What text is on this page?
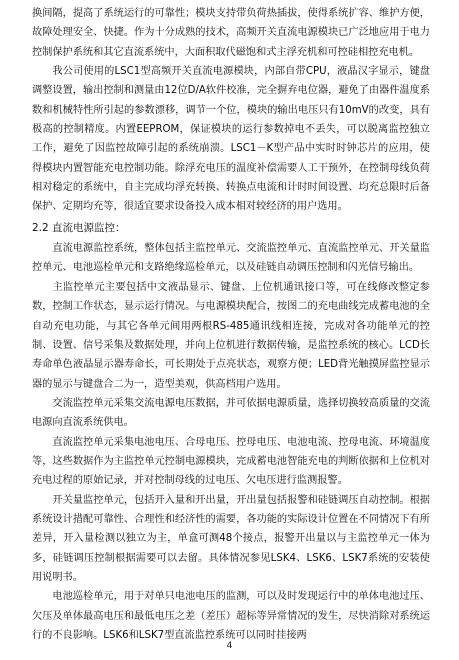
换间隔，提高了系统运行的可靠性；模块支持带负荷热插拔，使得系统扩容、维护方便，故障处理安全、快捷。作为十分成熟的技术，高频开关直流电源模块已广泛地应用于电力控制保护系统和其它直流系统中，大面积取代磁饱和式主浮充机和可控硅相控充电机。

我公司使用的LSC1型高频开关直流电源模块，内部自带CPU，液晶汉字显示，键盘调整设置，输出控制和测量由12位D/A软件校准，完全摒弃电位器，避免了由器件温度系数和机械特性所引起的参数漂移，调节一个位，模块的输出电压只有10mV的改变，具有极高的控制精度。内置EEPROM，保证模块的运行参数掉电不丢失，可以脱离监控独立工作，避免了因监控故障引起的系统崩溃。LSC1－K型产品中实时时钟芯片的应用，使得模块内置智能充电控制功能。除浮充电压的温度补偿需要人工干预外，在控制母线负荷相对稳定的系统中，自主完成均浮充转换、转换点电流和计时时间设置、均充总限时后备保护、定期均充等，很适宜要求设备投入成本相对较经济的用户选用。

2.2 直流电源监控：

直流电源监控系统，整体包括主监控单元、交流监控单元、直流监控单元、开关量监控单元、电池巡检单元和支路绝缘巡检单元，以及硅链自动调压控制和闪光信号输出。

主监控单元主要包括中文液晶显示、键盘、上位机通讯接口等，可在线修改整定参数，控制工作状态，显示运行情况。与电源模块配合，按图二的充电曲线完成蓄电池的全自动充电功能，与其它各单元间用两根RS-485通讯线相连接，完成对各功能单元的控制、设置、信号采集及数据处理，并向上位机进行数据传输，是监控系统的核心。LCD长寿命单色液晶显示器寿命长，可长期处于点亮状态，观察方便；LED背光触摸屏监控显示器的显示与键盘合二为一，造型美观，供高档用户选用。

交流监控单元采集交流电源电压数据，并可依据电源质量，选择切换较高质量的交流电源向直流系统供电。

直流监控单元采集电池电压、合母电压、控母电压、电池电流、控母电流、环境温度等，这些数据作为主监控单元控制电源模块，完成蓄电池智能充电的判断依据和上位机对充电过程的原始记录，并对控制母线的过电压、欠电压进行监测报警。

开关量监控单元，包括开入量和开出量，开出量包括报警和硅链调压自动控制。根据系统设计措配可靠性、合理性和经济性的需要，各功能的实际设计位置在不同情况下有所差异，开入量检测以独立为主，单盒可测48个接点，报警开出量以与主监控单元一体为多，硅链调压控制根据需要可以去留。具体情况参见LSK4、LSK6、LSK7系统的安装使用说明书。

电池巡检单元，用于对单只电池电压的监测，可以及时发现运行中的单体电池过压、欠压及单体最高电压和最低电压之差（差压）超标等异常情况的发生，尽快消除对系统运行的不良影响。LSK6和LSK7型直流监控系统可以同时挂接两

4
